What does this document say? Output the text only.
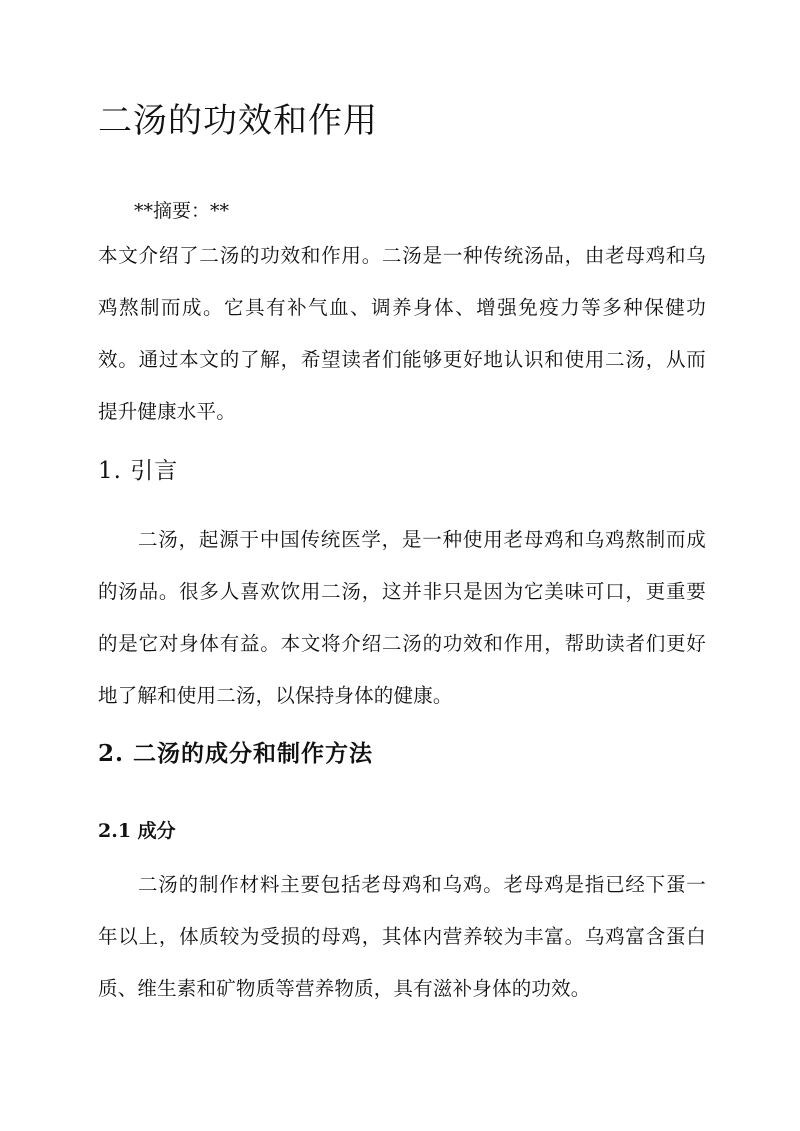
二汤的功效和作用
**摘要：**

本文介绍了二汤的功效和作用。二汤是一种传统汤品，由老母鸡和乌鸡熬制而成。它具有补气血、调养身体、增强免疫力等多种保健功效。通过本文的了解，希望读者们能够更好地认识和使用二汤，从而提升健康水平。

1. 引言

二汤，起源于中国传统医学，是一种使用老母鸡和乌鸡熬制而成的汤品。很多人喜欢饮用二汤，这并非只是因为它美味可口，更重要的是它对身体有益。本文将介绍二汤的功效和作用，帮助读者们更好地了解和使用二汤，以保持身体的健康。

2. 二汤的成分和制作方法
2.1 成分

二汤的制作材料主要包括老母鸡和乌鸡。老母鸡是指已经下蛋一年以上，体质较为受损的母鸡，其体内营养较为丰富。乌鸡富含蛋白质、维生素和矿物质等营养物质，具有滋补身体的功效。
